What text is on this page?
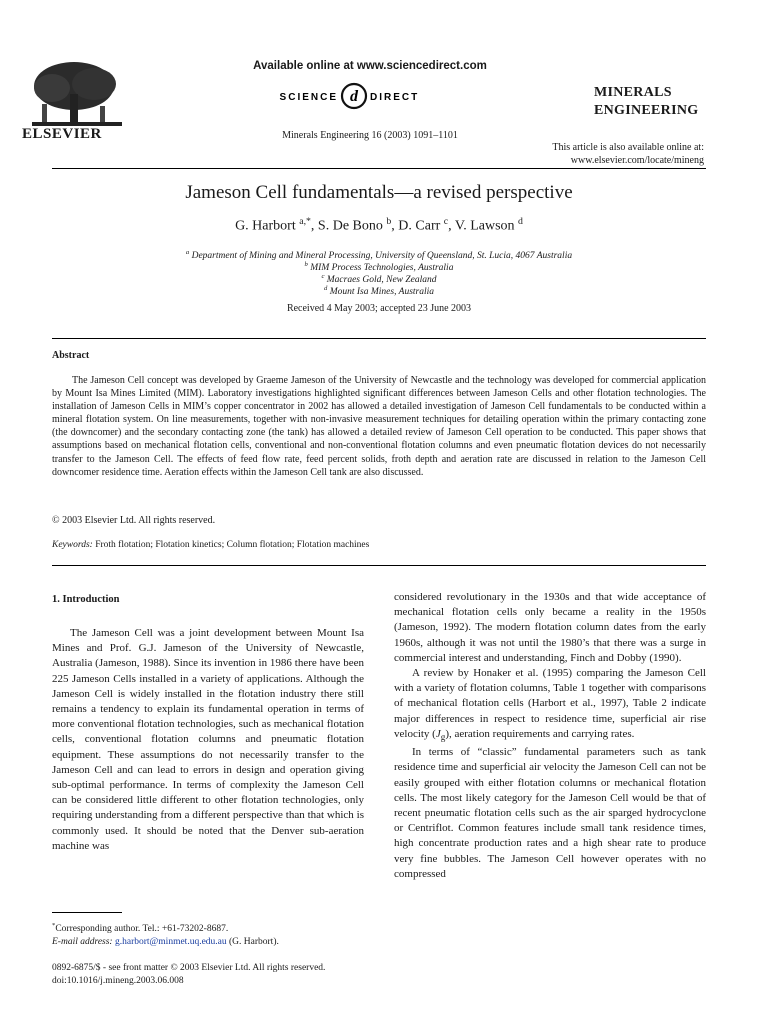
ELSEVIER
Available online at www.sciencedirect.com
SCIENCE d DIRECT
Minerals Engineering 16 (2003) 1091–1101
MINERALS
ENGINEERING
This article is also available online at:
www.elsevier.com/locate/mineng
Jameson Cell fundamentals—a revised perspective
G. Harbort $^{a,*}$, S. De Bono $^b$, D. Carr $^c$, V. Lawson $^d$
$^a$ Department of Mining and Mineral Processing, University of Queensland, St. Lucia, 4067 Australia
$^b$ MIM Process Technologies, Australia
$^c$ Macraes Gold, New Zealand
$^d$ Mount Isa Mines, Australia
Received 4 May 2003; accepted 23 June 2003
Abstract

The Jameson Cell concept was developed by Graeme Jameson of the University of Newcastle and the technology was developed for commercial application by Mount Isa Mines Limited (MIM). Laboratory investigations highlighted significant differences between Jameson Cells and other flotation technologies. The installation of Jameson Cells in MIM’s copper concentrator in 2002 has allowed a detailed investigation of Jameson Cell fundamentals to be conducted within a mineral flotation system. On line measurements, together with non-invasive measurement techniques for detailing operation within the primary contacting zone (the downcomer) and the secondary contacting zone (the tank) has allowed a detailed review of Jameson Cell operation to be conducted. This paper shows that assumptions based on mechanical flotation cells, conventional and non-conventional flotation columns and even pneumatic flotation devices do not necessarily transfer to the Jameson Cell. The effects of feed flow rate, feed percent solids, froth depth and aeration rate are discussed in relation to the Jameson Cell downcomer residence time. Aeration effects within the Jameson Cell tank are also discussed.

© 2003 Elsevier Ltd. All rights reserved.
Keywords: Froth flotation; Flotation kinetics; Column flotation; Flotation machines
1. Introduction

The Jameson Cell was a joint development between Mount Isa Mines and Prof. G.J. Jameson of the University of Newcastle, Australia (Jameson, 1988). Since its invention in 1986 there have been 225 Jameson Cells installed in a variety of applications. Although the Jameson Cell is widely installed in the flotation industry there still remains a tendency to explain its fundamental operation in terms of more conventional flotation technologies, such as mechanical flotation cells, conventional flotation columns and pneumatic flotation equipment. These assumptions do not necessarily transfer to the Jameson Cell and can lead to errors in design and operation giving sub-optimal performance. In terms of complexity the Jameson Cell can be considered little different to other flotation technologies, only requiring understanding from a different perspective than that which is commonly used. It should be noted that the Denver sub-aeration machine was

considered revolutionary in the 1930s and that wide acceptance of mechanical flotation cells only became a reality in the 1950s (Jameson, 1992). The modern flotation column dates from the early 1960s, although it was not until the 1980’s that there was a surge in commercial interest and understanding, Finch and Dobby (1990).

A review by Honaker et al. (1995) comparing the Jameson Cell with a variety of flotation columns, Table 1 together with comparisons of mechanical flotation cells (Harbort et al., 1997), Table 2 indicate major differences in respect to residence time, superficial air rise velocity $(J_g)$, aeration requirements and carrying rates.

In terms of “classic” fundamental parameters such as tank residence time and superficial air velocity the Jameson Cell can not be easily grouped with either flotation columns or mechanical flotation cells. The most likely category for the Jameson Cell would be that of recent pneumatic flotation cells such as the air sparged hydrocyclone or Centriflot. Common features include small tank residence times, high concentrate production rates and a high shear rate to produce very fine bubbles. The Jameson Cell however operates with no compressed

*Corresponding author. Tel.: +61-73202-8687.
E-mail address: g.harbort@minmet.uq.edu.au (G. Harbort).
0892-6875/$ - see front matter © 2003 Elsevier Ltd. All rights reserved.
doi:10.1016/j.mineng.2003.06.008
